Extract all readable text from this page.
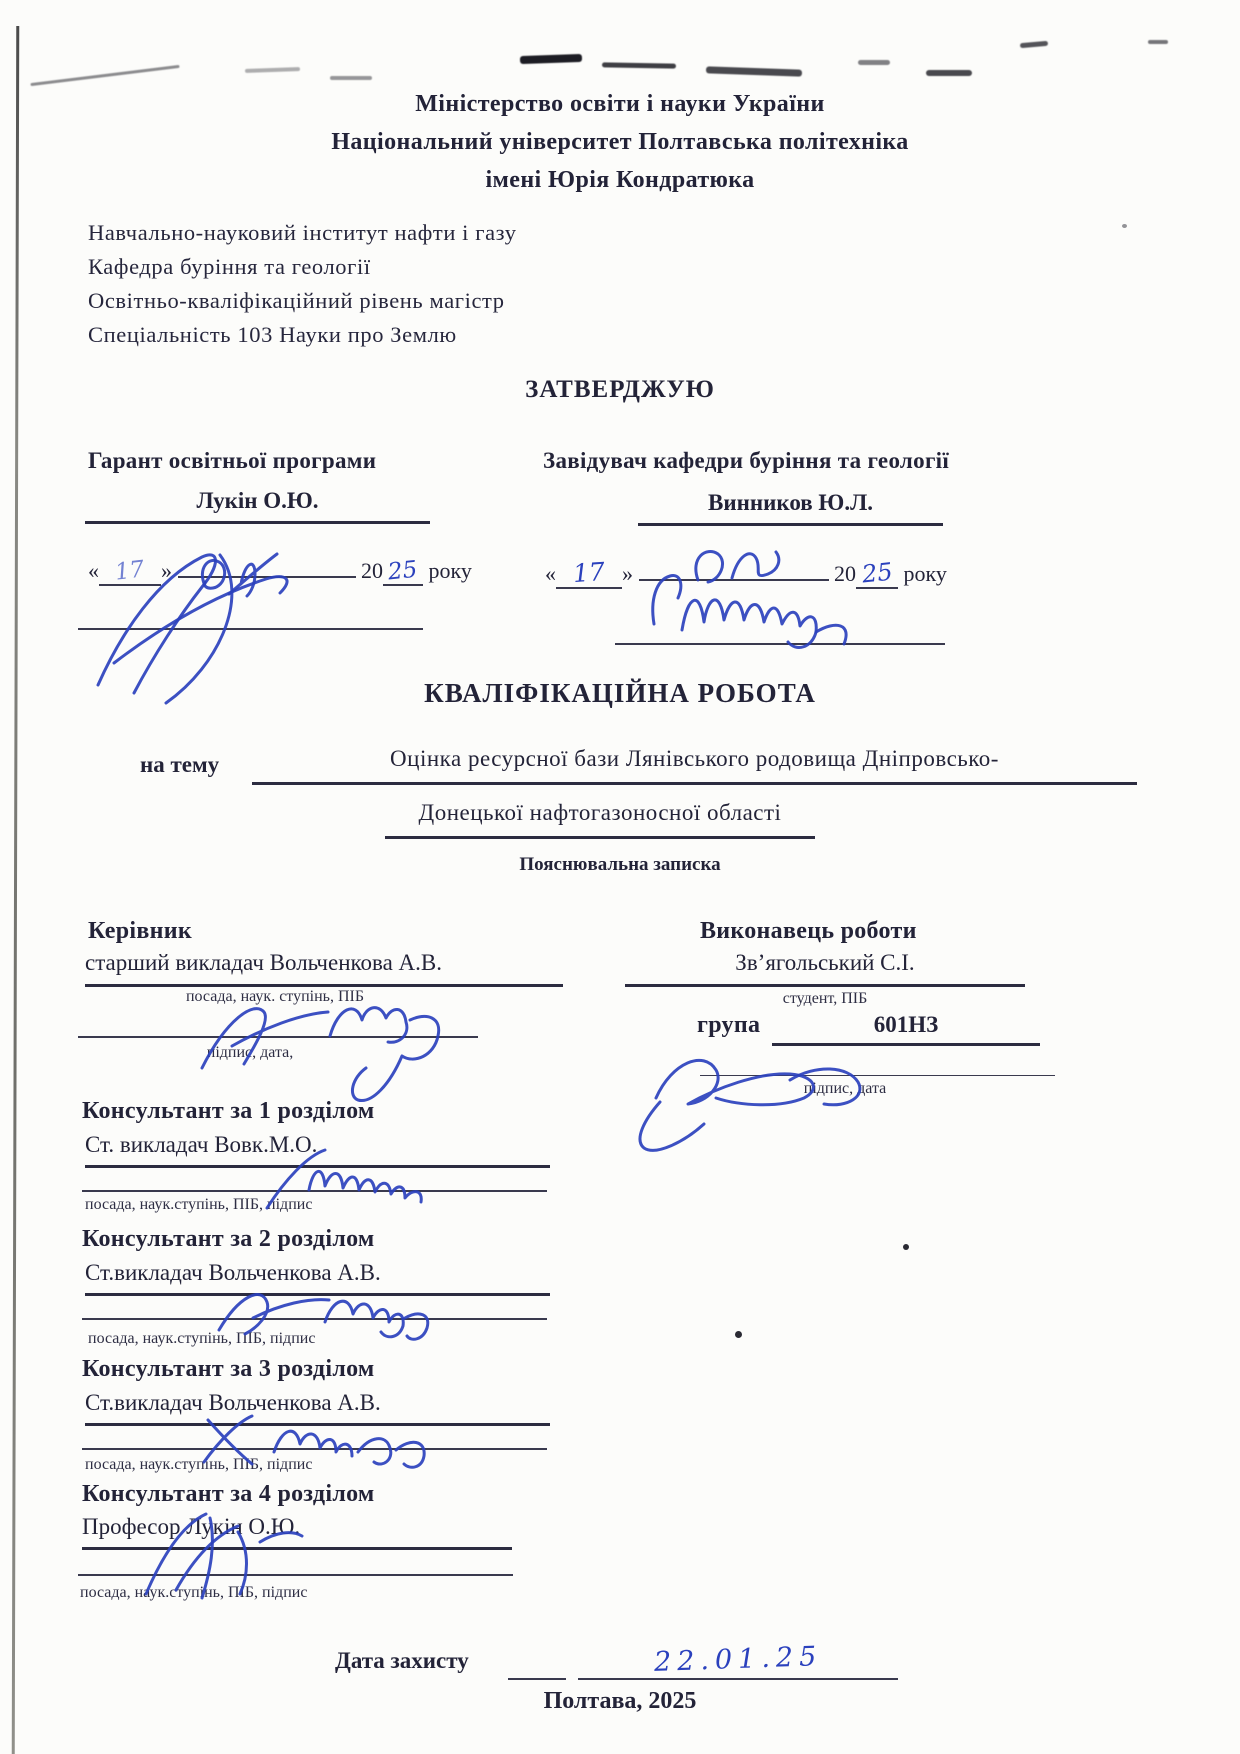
Міністерство освіти і науки України
Національний університет Полтавська політехніка
імені Юрія Кондратюка
Навчально-науковий інститут нафти і газу
Кафедра буріння та геології
Освітньо-кваліфікаційний рівень магістр
Спеціальність 103 Науки про Землю
ЗАТВЕРДЖУЮ
Гарант освітньої програми
Лукін О.Ю.
« 17 »	20 25 року
Завідувач кафедри буріння та геології
Винников Ю.Л.
« 17 »	20 25 року
КВАЛІФІКАЦІЙНА РОБОТА
на тему	Оцінка ресурсної бази Лянівського родовища Дніпровсько-
Донецької нафтогазоносної області
Пояснювальна записка
Керівник
старший викладач Вольченкова А.В.
посада, наук. ступінь, ПІБ
підпис, дата,
Виконавець роботи
Зв’ягольський С.І.
студент, ПІБ
група	601НЗ
підпис, дата
Консультант за 1 розділом
Ст. викладач Вовк.М.О.
посада, наук.ступінь, ПІБ, підпис
Консультант за 2 розділом
Ст.викладач Вольченкова А.В.
посада, наук.ступінь, ПІБ, підпис
Консультант за 3 розділом
Ст.викладач Вольченкова А.В.
посада, наук.ступінь, ПІБ, підпис
Консультант за 4 розділом
Професор Лукін О.Ю.
посада, наук.ступінь, ПІБ, підпис
Дата захисту	22.01.25
Полтава, 2025
